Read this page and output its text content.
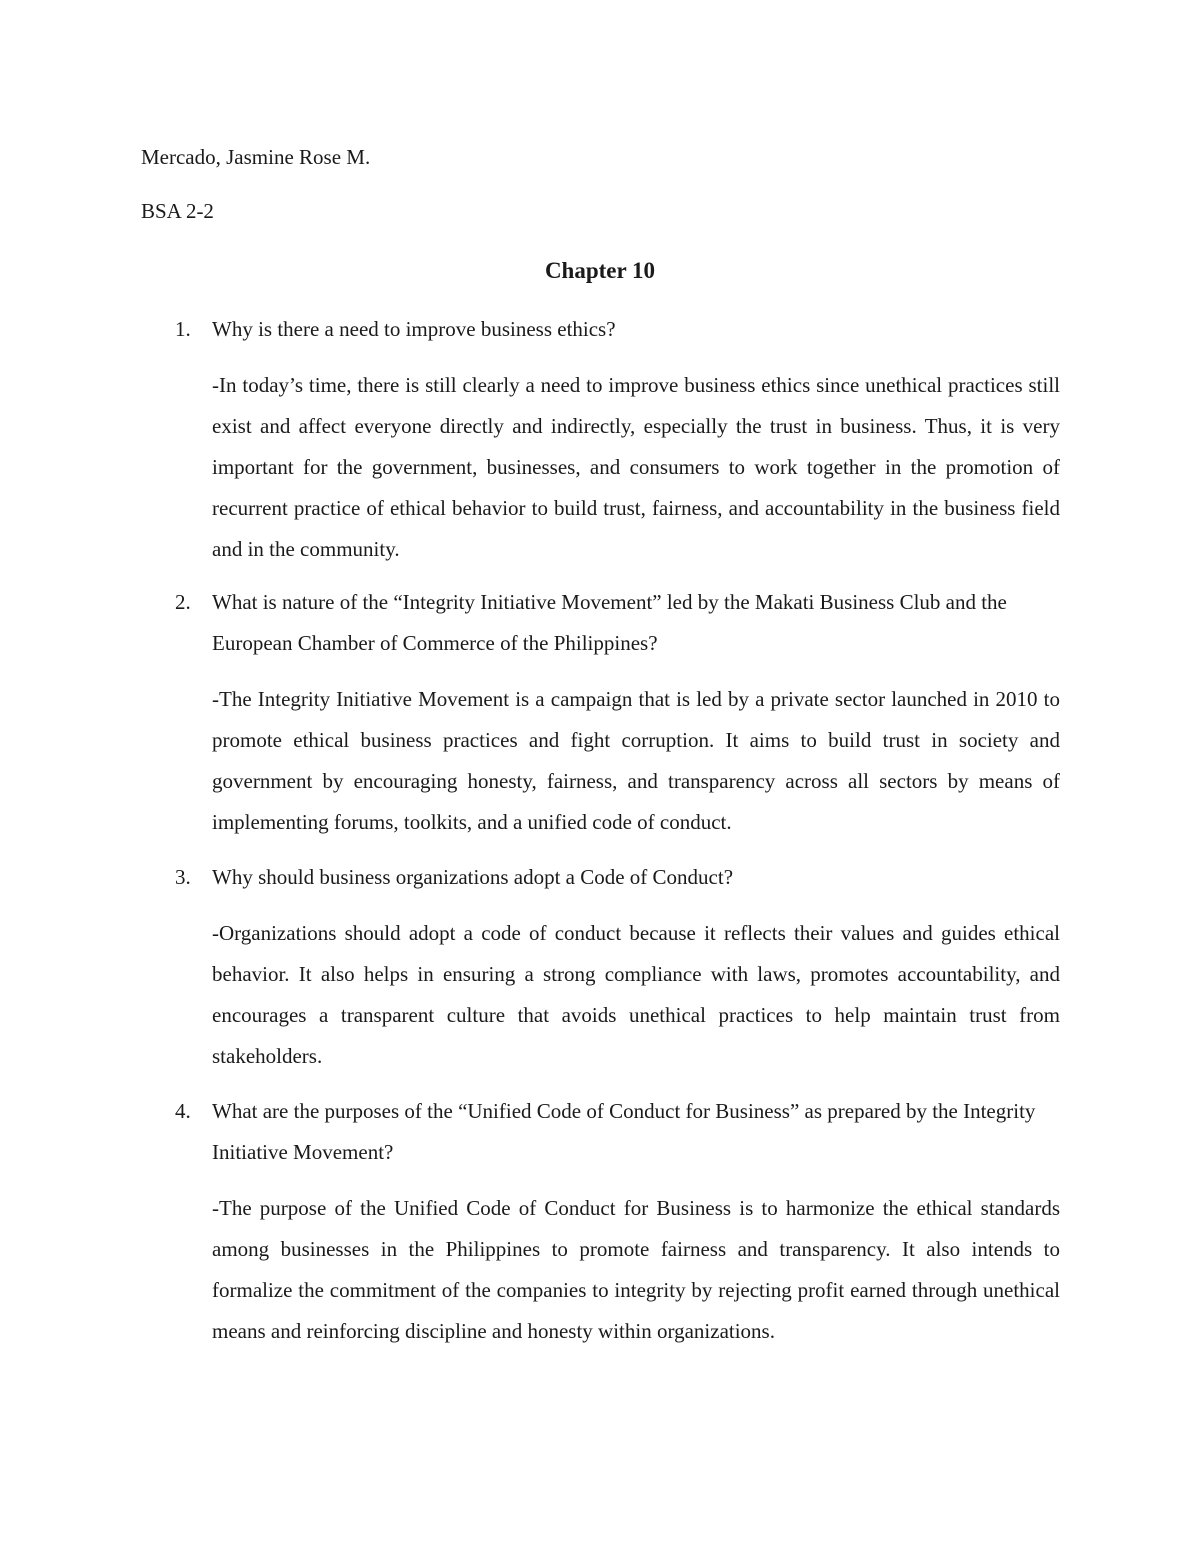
Mercado, Jasmine Rose M.
BSA 2-2
Chapter 10
1.	Why is there a need to improve business ethics?
-In today’s time, there is still clearly a need to improve business ethics since unethical practices still exist and affect everyone directly and indirectly, especially the trust in business. Thus, it is very important for the government, businesses, and consumers to work together in the promotion of recurrent practice of ethical behavior to build trust, fairness, and accountability in the business field and in the community.
2.	What is nature of the “Integrity Initiative Movement” led by the Makati Business Club and the European Chamber of Commerce of the Philippines?
-The Integrity Initiative Movement is a campaign that is led by a private sector launched in 2010 to promote ethical business practices and fight corruption. It aims to build trust in society and government by encouraging honesty, fairness, and transparency across all sectors by means of implementing forums, toolkits, and a unified code of conduct.
3.	Why should business organizations adopt a Code of Conduct?
-Organizations should adopt a code of conduct because it reflects their values and guides ethical behavior. It also helps in ensuring a strong compliance with laws, promotes accountability, and encourages a transparent culture that avoids unethical practices to help maintain trust from stakeholders.
4.	What are the purposes of the “Unified Code of Conduct for Business” as prepared by the Integrity Initiative Movement?
-The purpose of the Unified Code of Conduct for Business is to harmonize the ethical standards among businesses in the Philippines to promote fairness and transparency. It also intends to formalize the commitment of the companies to integrity by rejecting profit earned through unethical means and reinforcing discipline and honesty within organizations.
